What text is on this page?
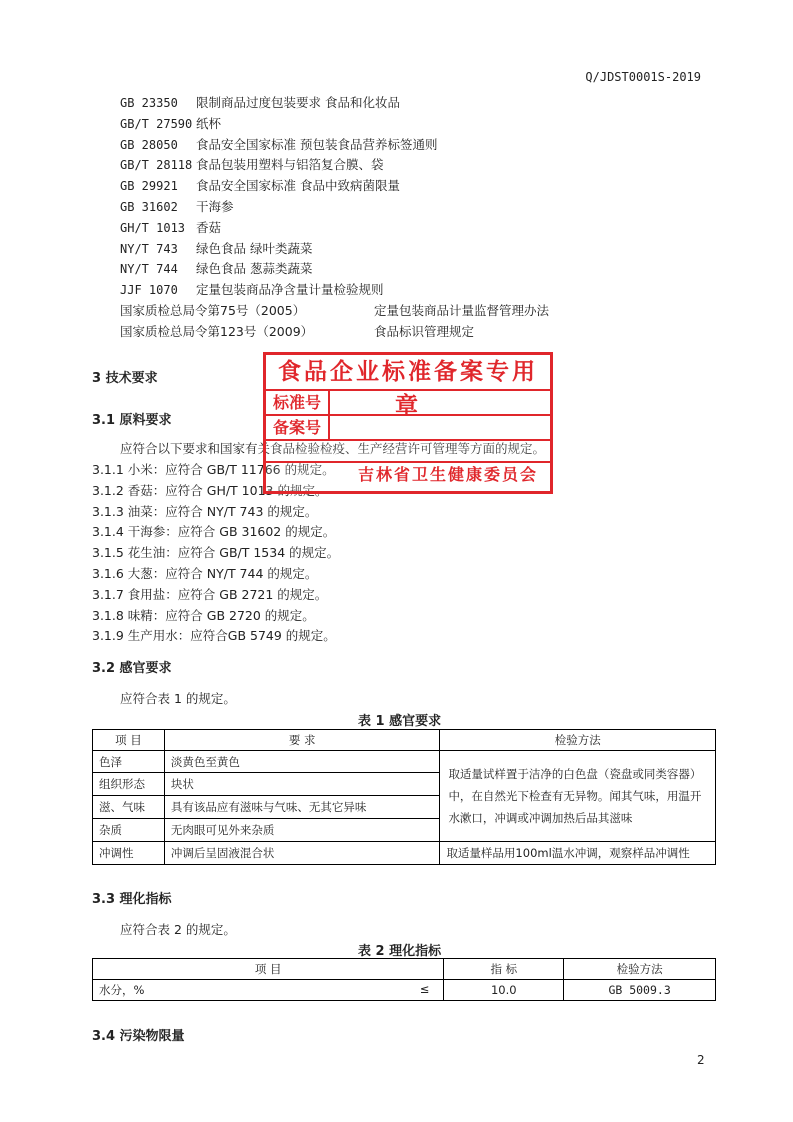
Q/JDST0001S-2019
GB 23350 限制商品过度包装要求 食品和化妆品
GB/T 27590 纸杯
GB 28050 食品安全国家标准 预包装食品营养标签通则
GB/T 28118 食品包装用塑料与铝箔复合膜、袋
GB 29921 食品安全国家标准 食品中致病菌限量
GB 31602 干海参
GH/T 1013 香菇
NY/T 743 绿色食品 绿叶类蔬菜
NY/T 744 绿色食品 葱蒜类蔬菜
JJF 1070 定量包装商品净含量计量检验规则
国家质检总局令第75号（2005）	定量包装商品计量监督管理办法
国家质检总局令第123号（2009）	食品标识管理规定
3 技术要求
3.1 原料要求
应符合以下要求和国家有关食品检验检疫、生产经营许可管理等方面的规定。
3.1.1 小米：应符合 GB/T 11766 的规定。
3.1.2 香菇：应符合 GH/T 1013 的规定。
3.1.3 油菜：应符合 NY/T 743 的规定。
3.1.4 干海参：应符合 GB 31602 的规定。
3.1.5 花生油：应符合 GB/T 1534 的规定。
3.1.6 大葱：应符合 NY/T 744 的规定。
3.1.7 食用盐：应符合 GB 2721 的规定。
3.1.8 味精：应符合 GB 2720 的规定。
3.1.9 生产用水：应符合GB 5749 的规定。
3.2 感官要求
应符合表 1 的规定。
表 1 感官要求
项 目	要 求	检验方法
色泽	淡黄色至黄色	取适量试样置于洁净的白色盘（瓷盘或同类容器）中，在自然光下检查有无异物。闻其气味，用温开水漱口，冲调或冲调加热后品其滋味
组织形态	块状	
滋、气味	具有该品应有滋味与气味、无其它异味	
杂质	无肉眼可见外来杂质	
冲调性	冲调后呈固液混合状	取适量样品用100ml温水冲调，观察样品冲调性
3.3 理化指标
应符合表 2 的规定。
表 2 理化指标
项 目	指 标	检验方法
水分，% ≤	10.0	GB 5009.3
3.4 污染物限量
2
食品企业标准备案专用章
标准号
备案号
吉林省卫生健康委员会
